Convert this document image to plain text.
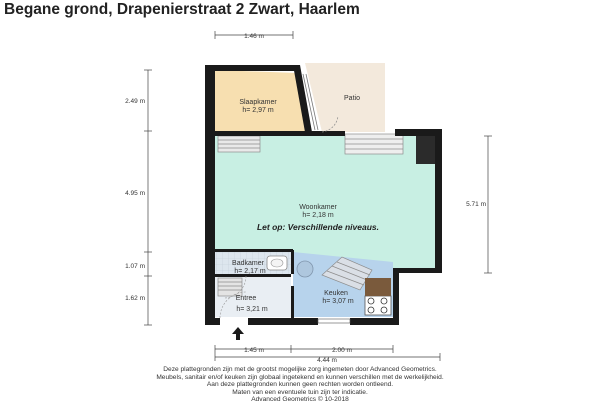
Begane grond, Drapenierstraat 2 Zwart, Haarlem
Slaapkamer
h= 2,97 m
Patio
Woonkamer
h= 2,18 m
Let op: Verschillende niveaus.
Badkamer
h= 2,17 m
Entree
h= 3,21 m
Keuken
h= 3,07 m
1.46 m
2.49 m
4.95 m
1.07 m
1.62 m
5.71 m
1.45 m	2.00 m
4.44 m
Deze plattegronden zijn met de grootst mogelijke zorg ingemeten door Advanced Geometrics.
Meubels, sanitair en/of keuken zijn globaal ingetekend en kunnen verschillen met de werkelijkheid.
Aan deze plattegronden kunnen geen rechten worden ontleend.
Maten van een eventuele tuin zijn ter indicatie.
Advanced Geometrics © 10-2018
